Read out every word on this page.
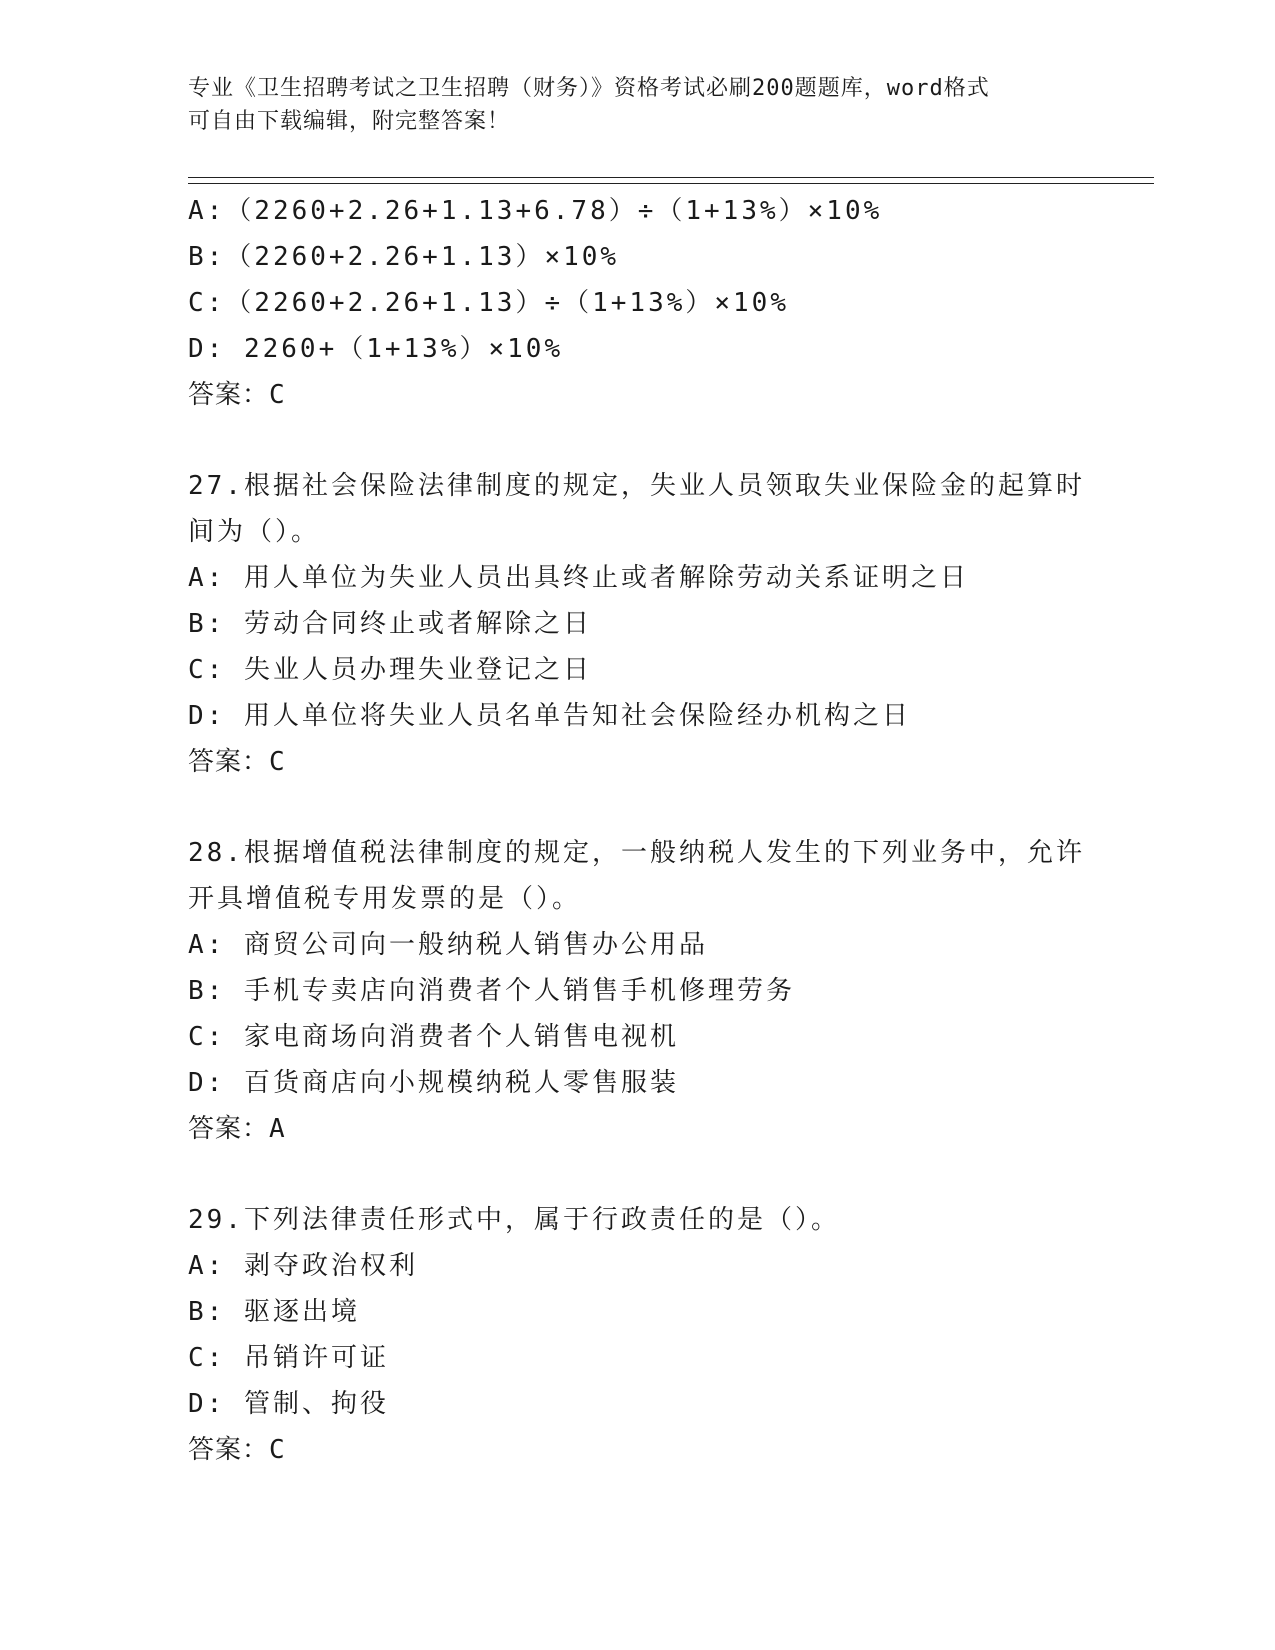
专业《卫生招聘考试之卫生招聘（财务）》资格考试必刷200题题库，word格式
可自由下载编辑，附完整答案！
A:（2260+2.26+1.13+6.78）÷（1+13%）×10%
B:（2260+2.26+1.13）×10%
C:（2260+2.26+1.13）÷（1+13%）×10%
D: 2260+（1+13%）×10%
答案：C
27.根据社会保险法律制度的规定，失业人员领取失业保险金的起算时
间为（）。
A: 用人单位为失业人员出具终止或者解除劳动关系证明之日
B: 劳动合同终止或者解除之日
C: 失业人员办理失业登记之日
D: 用人单位将失业人员名单告知社会保险经办机构之日
答案：C
28.根据增值税法律制度的规定，一般纳税人发生的下列业务中，允许
开具增值税专用发票的是（）。
A: 商贸公司向一般纳税人销售办公用品
B: 手机专卖店向消费者个人销售手机修理劳务
C: 家电商场向消费者个人销售电视机
D: 百货商店向小规模纳税人零售服装
答案：A
29.下列法律责任形式中，属于行政责任的是（）。
A: 剥夺政治权利
B: 驱逐出境
C: 吊销许可证
D: 管制、拘役
答案：C
